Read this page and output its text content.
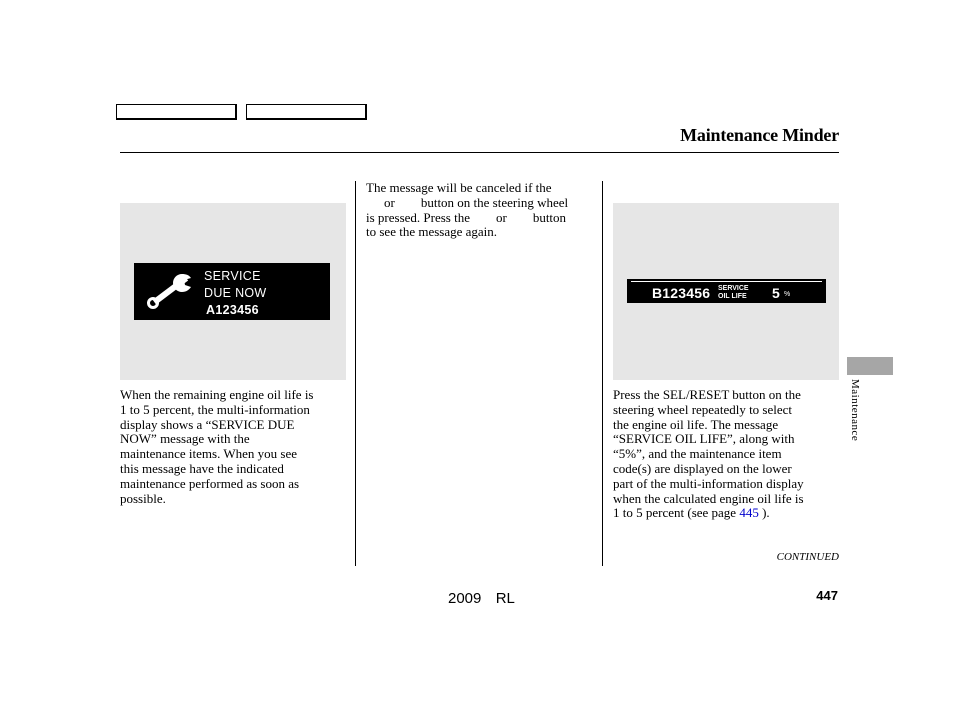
Maintenance Minder
SERVICE
DUE NOW
A123456
B123456 SERVICE
OIL LIFE 5 %

When the remaining engine oil life is

1 to 5 percent, the multi-information

display shows a “SERVICE DUE

NOW” message with the

maintenance items. When you see

this message have the indicated

maintenance performed as soon as

possible.

The message will be canceled if the

or        button on the steering wheel

is pressed. Press the        or        button

to see the message again.

Press the SEL/RESET button on the

steering wheel repeatedly to select

the engine oil life. The message

“SERVICE OIL LIFE”, along with

“5%”, and the maintenance item

code(s) are displayed on the lower

part of the multi-information display

when the calculated engine oil life is

1 to 5 percent (see page 445 ).

CONTINUED
2009  RL	447
Maintenance
